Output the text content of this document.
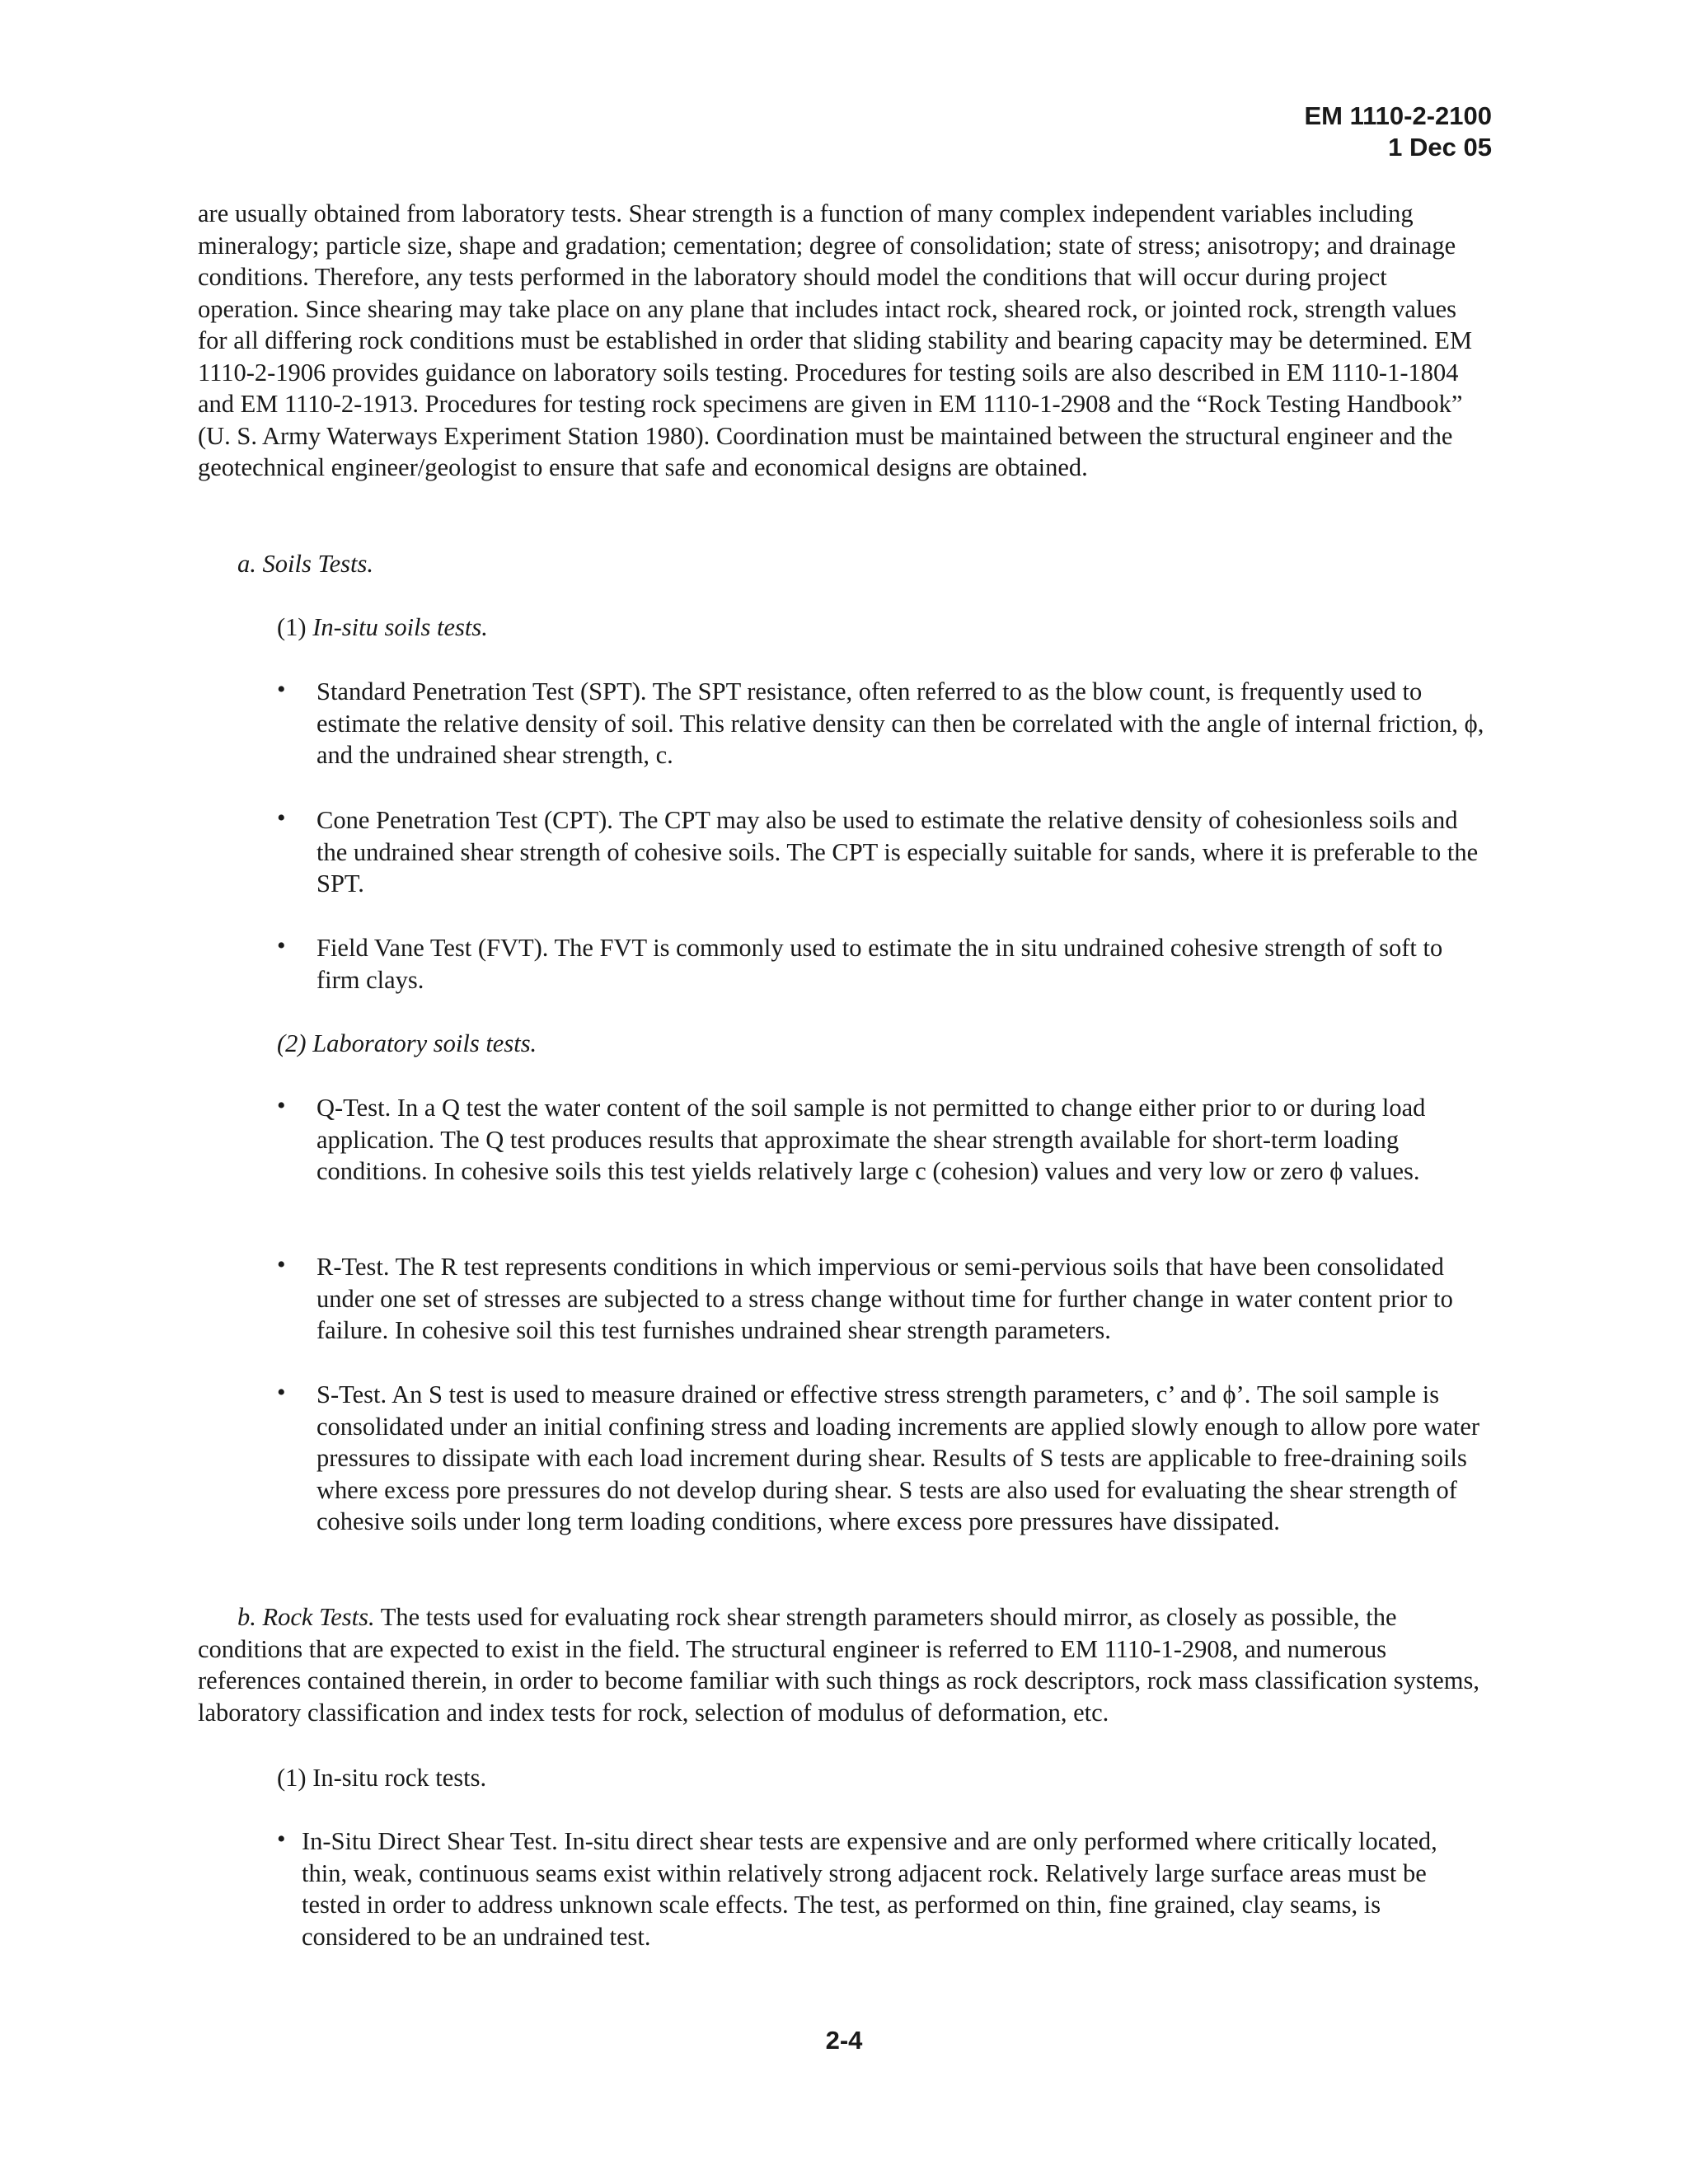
EM 1110-2-2100
1 Dec 05
are usually obtained from laboratory tests. Shear strength is a function of many complex independent variables including mineralogy; particle size, shape and gradation; cementation; degree of consolidation; state of stress; anisotropy; and drainage conditions. Therefore, any tests performed in the laboratory should model the conditions that will occur during project operation. Since shearing may take place on any plane that includes intact rock, sheared rock, or jointed rock, strength values for all differing rock conditions must be established in order that sliding stability and bearing capacity may be determined. EM 1110-2-1906 provides guidance on laboratory soils testing. Procedures for testing soils are also described in EM 1110-1-1804 and EM 1110-2-1913. Procedures for testing rock specimens are given in EM 1110-1-2908 and the “Rock Testing Handbook” (U. S. Army Waterways Experiment Station 1980). Coordination must be maintained between the structural engineer and the geotechnical engineer/geologist to ensure that safe and economical designs are obtained.
a. Soils Tests.
(1) In-situ soils tests.
• Standard Penetration Test (SPT). The SPT resistance, often referred to as the blow count, is frequently used to estimate the relative density of soil. This relative density can then be correlated with the angle of internal friction, ϕ, and the undrained shear strength, c.
• Cone Penetration Test (CPT). The CPT may also be used to estimate the relative density of cohesionless soils and the undrained shear strength of cohesive soils. The CPT is especially suitable for sands, where it is preferable to the SPT.
• Field Vane Test (FVT). The FVT is commonly used to estimate the in situ undrained cohesive strength of soft to firm clays.
(2) Laboratory soils tests.
• Q-Test. In a Q test the water content of the soil sample is not permitted to change either prior to or during load application. The Q test produces results that approximate the shear strength available for short-term loading conditions. In cohesive soils this test yields relatively large c (cohesion) values and very low or zero ϕ values.
• R-Test. The R test represents conditions in which impervious or semi-pervious soils that have been consolidated under one set of stresses are subjected to a stress change without time for further change in water content prior to failure. In cohesive soil this test furnishes undrained shear strength parameters.
• S-Test. An S test is used to measure drained or effective stress strength parameters, c’ and ϕ’. The soil sample is consolidated under an initial confining stress and loading increments are applied slowly enough to allow pore water pressures to dissipate with each load increment during shear. Results of S tests are applicable to free-draining soils where excess pore pressures do not develop during shear. S tests are also used for evaluating the shear strength of cohesive soils under long term loading conditions, where excess pore pressures have dissipated.
b. Rock Tests. The tests used for evaluating rock shear strength parameters should mirror, as closely as possible, the conditions that are expected to exist in the field. The structural engineer is referred to EM 1110-1-2908, and numerous references contained therein, in order to become familiar with such things as rock descriptors, rock mass classification systems, laboratory classification and index tests for rock, selection of modulus of deformation, etc.
(1) In-situ rock tests.
• In-Situ Direct Shear Test. In-situ direct shear tests are expensive and are only performed where critically located, thin, weak, continuous seams exist within relatively strong adjacent rock. Relatively large surface areas must be tested in order to address unknown scale effects. The test, as performed on thin, fine grained, clay seams, is considered to be an undrained test.
2-4
